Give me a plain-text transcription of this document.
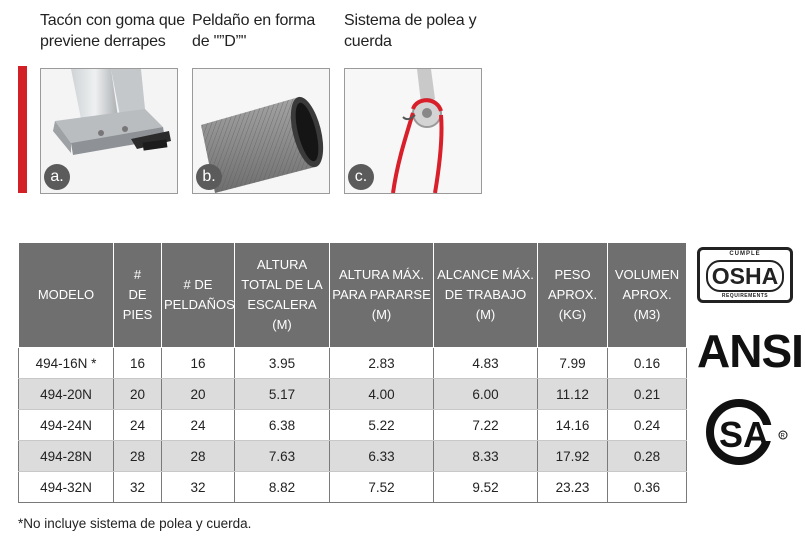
Tacón con goma que
previene derrapes
a.
Peldaño en forma
de "”D”"
b.
Sistema de polea y
cuerda
c.
MODELO	#
DE
PIES	# DE
PELDAÑOS	ALTURA
TOTAL DE LA
ESCALERA
(M)	ALTURA MÁX.
PARA PARARSE
(M)	ALCANCE MÁX.
DE TRABAJO
(M)	PESO
APROX.
(KG)	VOLUMEN
APROX.
(M3)
494-16N *	16	16	3.95	2.83	4.83	7.99	0.16
494-20N	20	20	5.17	4.00	6.00	11.12	0.21
494-24N	24	24	6.38	5.22	7.22	14.16	0.24
494-28N	28	28	7.63	6.33	8.33	17.92	0.28
494-32N	32	32	8.82	7.52	9.52	23.23	0.36
*No incluye sistema de polea y cuerda.
CUMPLE
OSHA
REQUIREMENTS
ANSI
SA R
